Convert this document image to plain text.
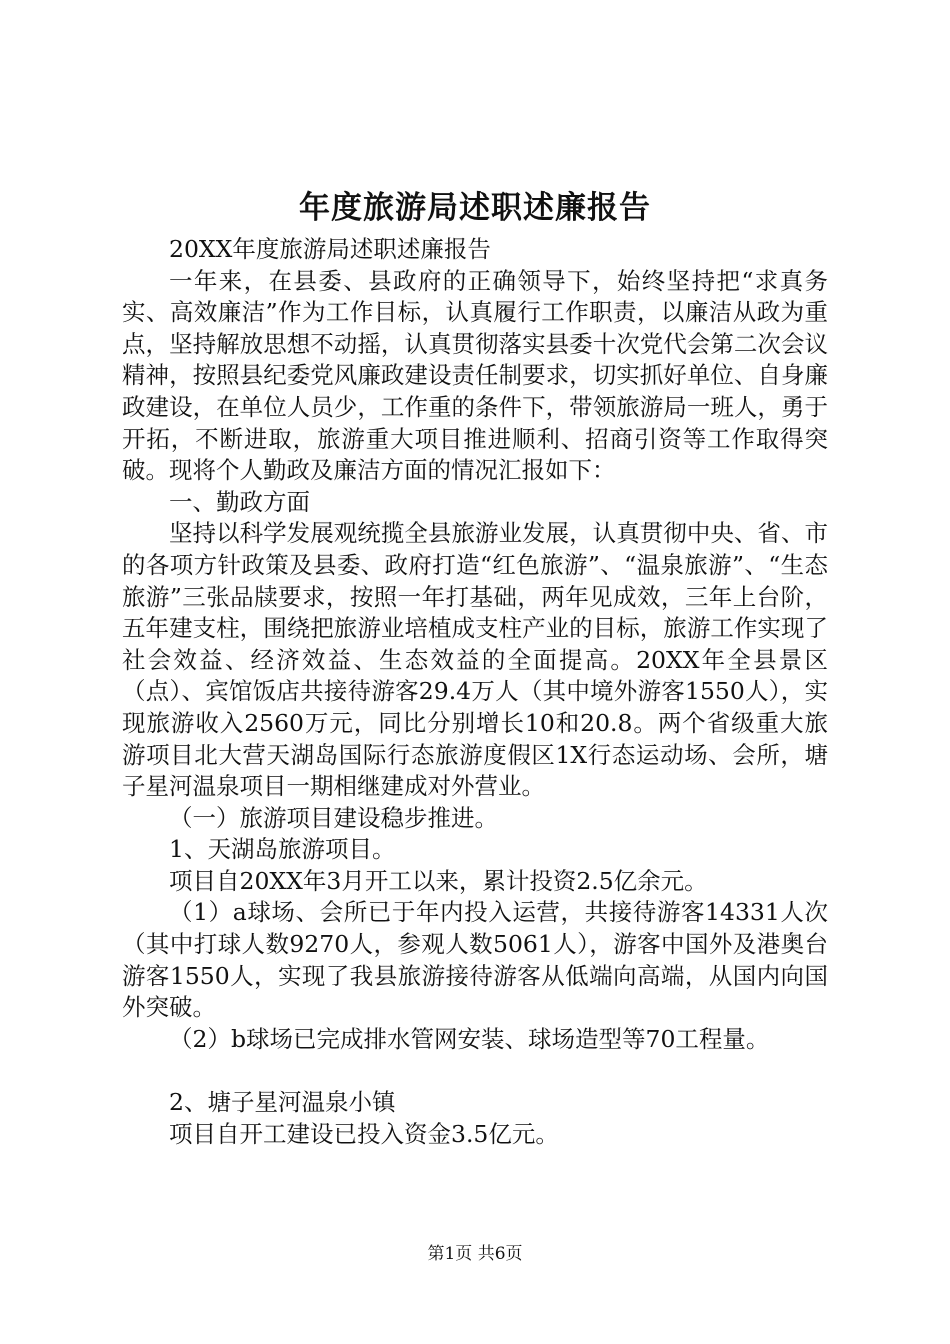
年度旅游局述职述廉报告

20XX年度旅游局述职述廉报告

一年来，在县委、县政府的正确领导下，始终坚持把“求真务实、高效廉洁”作为工作目标，认真履行工作职责，以廉洁从政为重点，坚持解放思想不动摇，认真贯彻落实县委十次党代会第二次会议精神，按照县纪委党风廉政建设责任制要求，切实抓好单位、自身廉政建设，在单位人员少，工作重的条件下，带领旅游局一班人，勇于开拓，不断进取，旅游重大项目推进顺利、招商引资等工作取得突破。现将个人勤政及廉洁方面的情况汇报如下：

一、勤政方面

坚持以科学发展观统揽全县旅游业发展，认真贯彻中央、省、市的各项方针政策及县委、政府打造“红色旅游”、“温泉旅游”、“生态旅游”三张品牍要求，按照一年打基础，两年见成效，三年上台阶，五年建支柱，围绕把旅游业培植成支柱产业的目标，旅游工作实现了社会效益、经济效益、生态效益的全面提高。20XX年全县景区（点）、宾馆饭店共接待游客29.4万人（其中境外游客1550人），实现旅游收入2560万元，同比分别增长10和20.8。两个省级重大旅游项目北大营天湖岛国际行态旅游度假区1X行态运动场、会所，塘子星河温泉项目一期相继建成对外营业。

（一）旅游项目建设稳步推进。

1、天湖岛旅游项目。

项目自20XX年3月开工以来，累计投资2.5亿余元。

（1）a球场、会所已于年内投入运营，共接待游客14331人次（其中打球人数9270人，参观人数5061人），游客中国外及港奥台游客1550人，实现了我县旅游接待游客从低端向高端，从国内向国外突破。

（2）b球场已完成排水管网安装、球场造型等70工程量。

2、塘子星河温泉小镇

项目自开工建设已投入资金3.5亿元。

第1页 共6页
